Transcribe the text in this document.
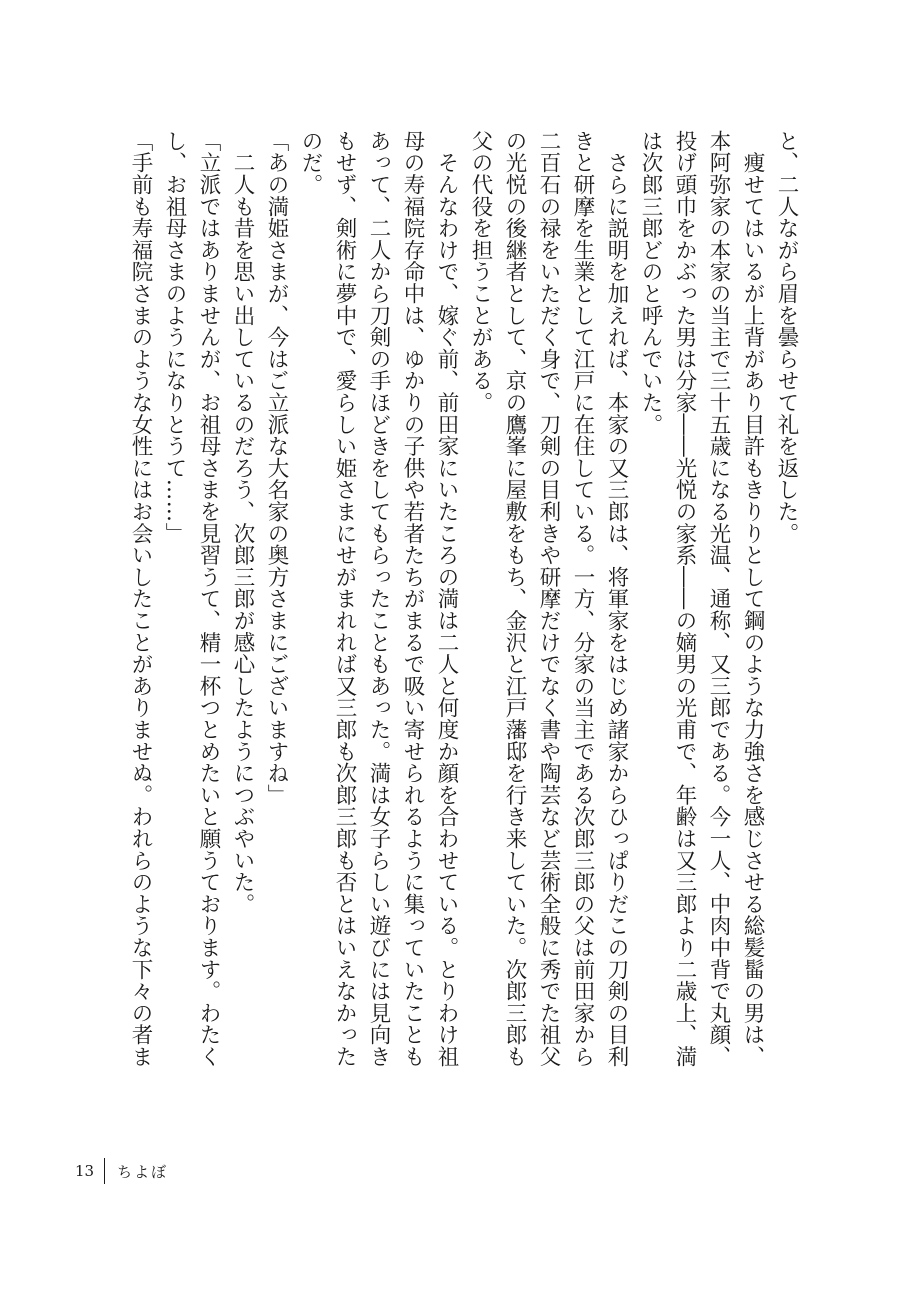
と、二人ながら眉を曇らせて礼を返した。
　痩せてはいるが上背があり目許もきりりとして鋼のような力強さを感じさせる総髪髷の男は、
本阿弥家の本家の当主で三十五歳になる光温、通称、又三郎である。今一人、中肉中背で丸顔、
投げ頭巾をかぶった男は分家――光悦の家系――の嫡男の光甫で、年齢は又三郎より二歳上、満
は次郎三郎どのと呼んでいた。
　さらに説明を加えれば、本家の又三郎は、将軍家をはじめ諸家からひっぱりだこの刀剣の目利
きと研摩を生業として江戸に在住している。一方、分家の当主である次郎三郎の父は前田家から
二百石の禄をいただく身で、刀剣の目利きや研摩だけでなく書や陶芸など芸術全般に秀でた祖父
の光悦の後継者として、京の鷹峯に屋敷をもち、金沢と江戸藩邸を行き来していた。次郎三郎も
父の代役を担うことがある。
　そんなわけで、嫁ぐ前、前田家にいたころの満は二人と何度か顔を合わせている。とりわけ祖
母の寿福院存命中は、ゆかりの子供や若者たちがまるで吸い寄せられるように集っていたことも
あって、二人から刀剣の手ほどきをしてもらったこともあった。満は女子らしい遊びには見向き
もせず、剣術に夢中で、愛らしい姫さまにせがまれれば又三郎も次郎三郎も否とはいえなかった
のだ。
「あの満姫さまが、今はご立派な大名家の奥方さまにございますね」
　二人も昔を思い出しているのだろう、次郎三郎が感心したようにつぶやいた。
「立派ではありませんが、お祖母さまを見習うて、精一杯つとめたいと願うております。わたく
し、お祖母さまのようになりとうて……」
「手前も寿福院さまのような女性にはお会いしたことがありませぬ。われらのような下々の者ま
13 ちよぼ
